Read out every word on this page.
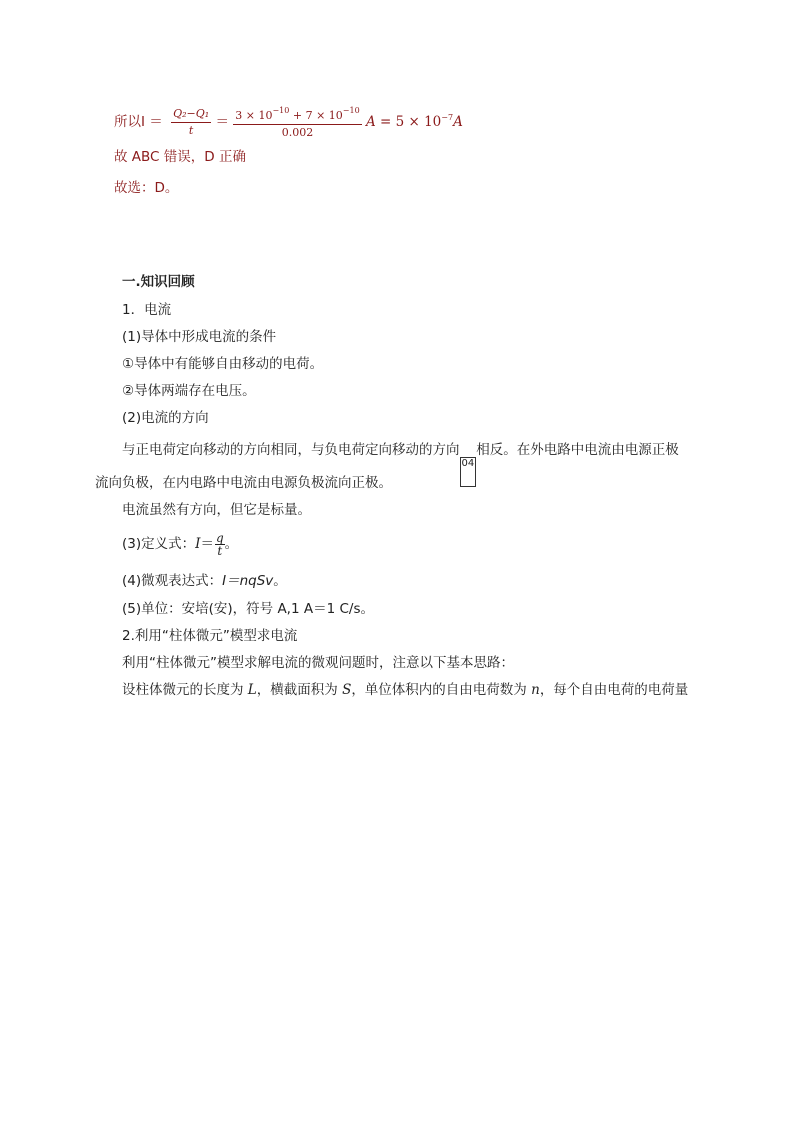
所以$I = \frac{\text{Q₂−Q₁}}{t} = \frac{3 \times 10^{-10} + 7 \times 10^{-10}}{0.002}$ $A = 5 \times 10^{-7}A$
故 ABC 错误，D 正确
故选：D。
一.知识回顾
1．电流
(1)导体中形成电流的条件
①导体中有能够自由移动的电荷。
②导体两端存在电压。
(2)电流的方向
与正电荷定向移动的方向相同，与负电荷定向移动的方向04相反。在外电路中电流由电源正极
流向负极，在内电路中电流由电源负极流向正极。
电流虽然有方向，但它是标量。
(3)定义式：$I= \frac{q}{t}$ 。
(4)微观表达式：I＝nqSv。
(5)单位：安培(安)，符号 A,1 A＝1 C/s。
2.利用“柱体微元”模型求电流
利用“柱体微元”模型求解电流的微观问题时，注意以下基本思路：
设柱体微元的长度为 L，横截面积为 S，单位体积内的自由电荷数为 n，每个自由电荷的电荷量
